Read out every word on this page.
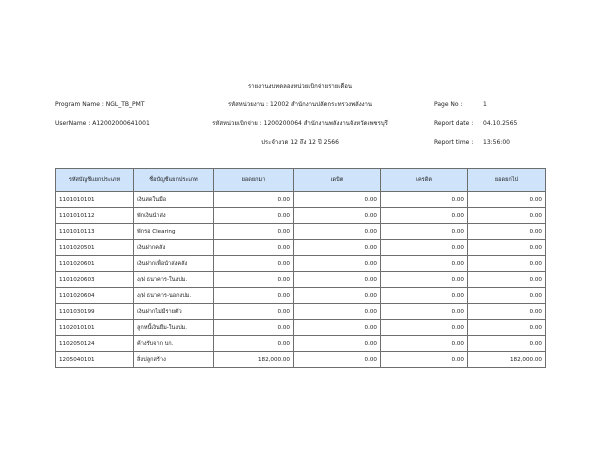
รายงานงบทดลองหน่วยเบิกจ่ายรายเดือน
Program Name : NGL_TB_PMT	รหัสหน่วยงาน : 12002 สำนักงานปลัดกระทรวงพลังงาน	Page No :	1
UserName : A12002000641001	รหัสหน่วยเบิกจ่าย : 1200200064 สำนักงานพลังงานจังหวัดเพชรบุรี	Report date : 04.10.2565
ประจำงวด 12 ถึง 12 ปี 2566	Report time : 13:56:00
รหัสบัญชีแยกประเภท	ชื่อบัญชีแยกประเภท	ยอดยกมา	เดบิต	เครดิต	ยอดยกไป
1101010101	เงินสดในมือ	0.00	0.00	0.00	0.00
1101010112	พักเงินนำส่ง	0.00	0.00	0.00	0.00
1101010113	พักรอ Clearing	0.00	0.00	0.00	0.00
1101020501	เงินฝากคลัง	0.00	0.00	0.00	0.00
1101020601	เงินฝากเพื่อนำส่งคลัง	0.00	0.00	0.00	0.00
1101020603	ง/ฝ ธนาคาร-ในงปม.	0.00	0.00	0.00	0.00
1101020604	ง/ฝ ธนาคาร-นอกงปม.	0.00	0.00	0.00	0.00
1101030199	เงินฝากไม่มีรายตัว	0.00	0.00	0.00	0.00
1102010101	ลูกหนี้เงินยืม-ในงปม.	0.00	0.00	0.00	0.00
1102050124	ค้างรับจาก บก.	0.00	0.00	0.00	0.00
1205040101	สิ่งปลูกสร้าง	182,000.00	0.00	0.00	182,000.00
